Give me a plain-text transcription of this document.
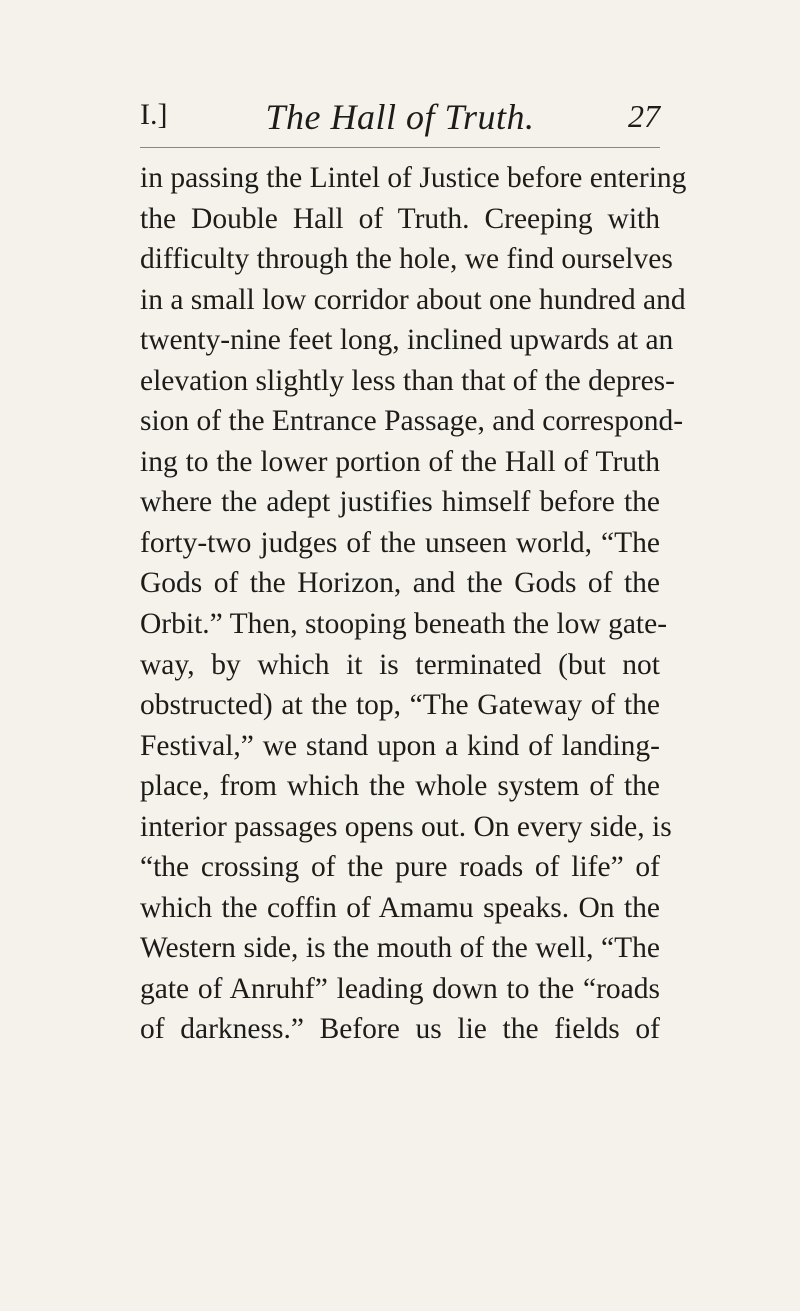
I.]	The Hall of Truth.	27
in passing the Lintel of Justice before entering
the Double Hall of Truth. Creeping with
difficulty through the hole, we find ourselves
in a small low corridor about one hundred and
twenty-nine feet long, inclined upwards at an
elevation slightly less than that of the depres-
sion of the Entrance Passage, and correspond-
ing to the lower portion of the Hall of Truth
where the adept justifies himself before the
forty-two judges of the unseen world, “The
Gods of the Horizon, and the Gods of the
Orbit.” Then, stooping beneath the low gate-
way, by which it is terminated (but not
obstructed) at the top, “The Gateway of the
Festival,” we stand upon a kind of landing-
place, from which the whole system of the
interior passages opens out. On every side, is
“the crossing of the pure roads of life” of
which the coffin of Amamu speaks. On the
Western side, is the mouth of the well, “The
gate of Anruhf” leading down to the “roads
of darkness.” Before us lie the fields of
